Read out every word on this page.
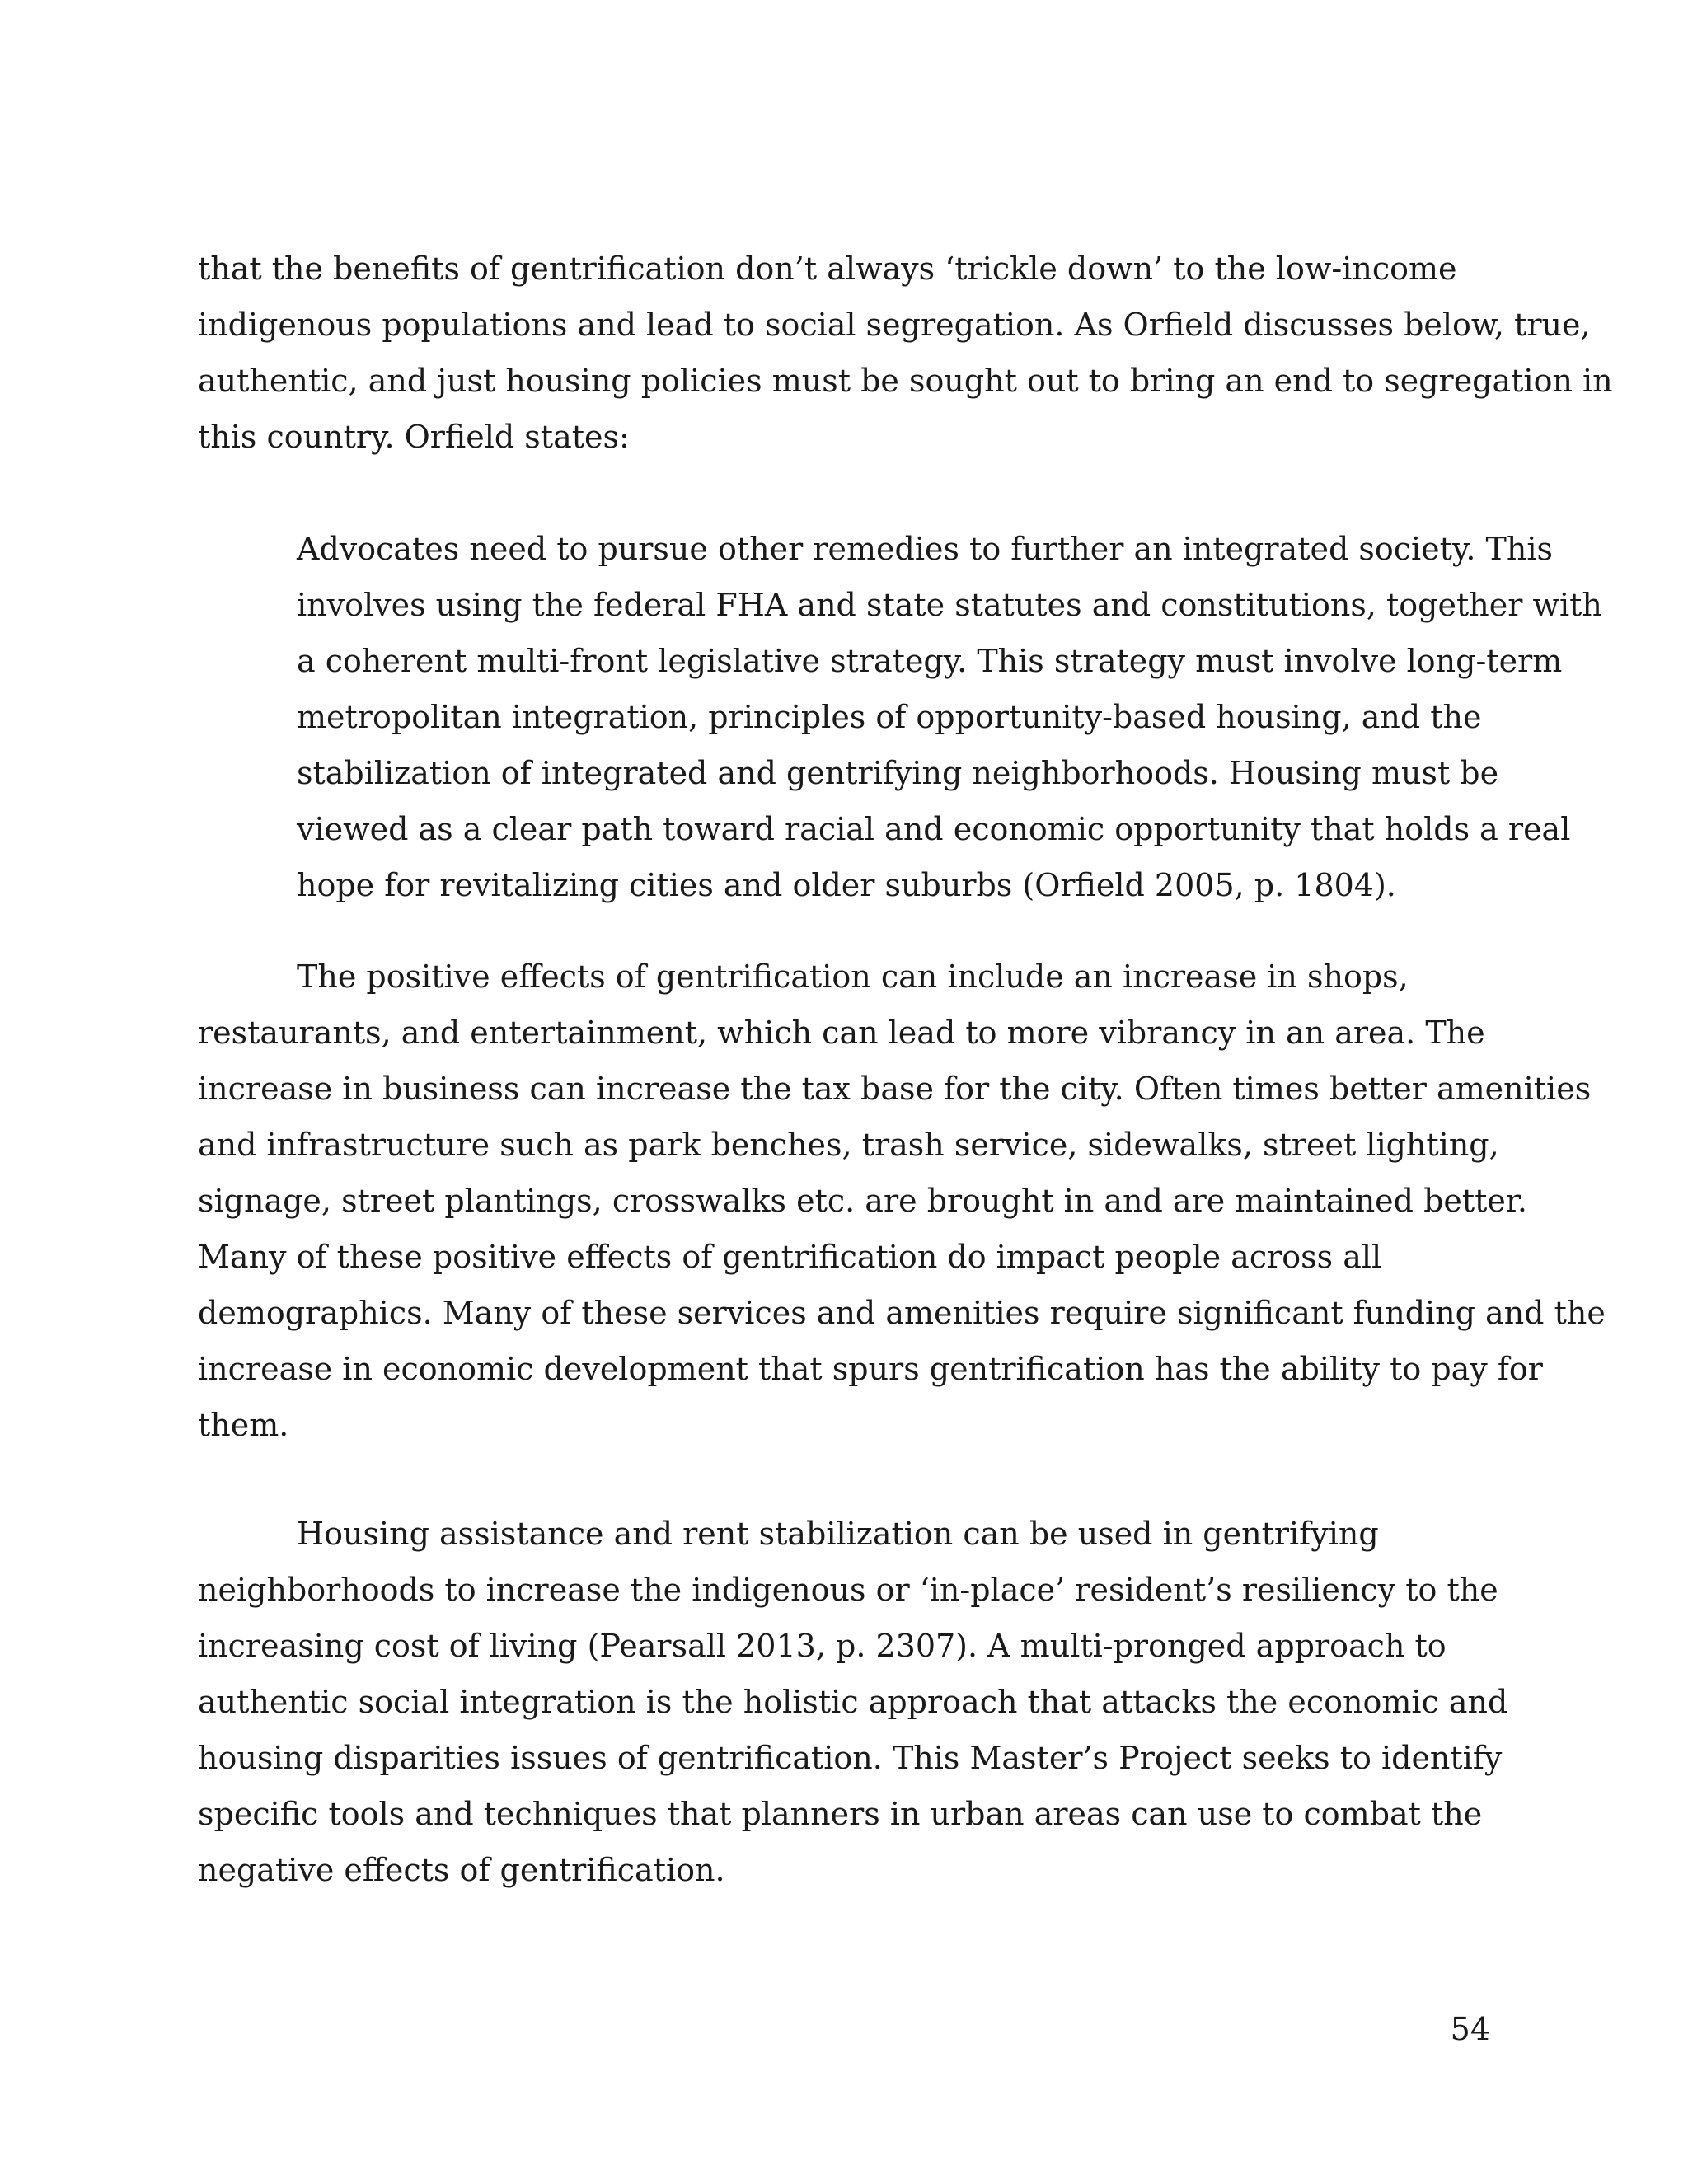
that the benefits of gentrification don’t always ‘trickle down’ to the low-income
indigenous populations and lead to social segregation. As Orfield discusses below, true,
authentic, and just housing policies must be sought out to bring an end to segregation in
this country. Orfield states:
Advocates need to pursue other remedies to further an integrated society. This
involves using the federal FHA and state statutes and constitutions, together with
a coherent multi-front legislative strategy. This strategy must involve long-term
metropolitan integration, principles of opportunity-based housing, and the
stabilization of integrated and gentrifying neighborhoods. Housing must be
viewed as a clear path toward racial and economic opportunity that holds a real
hope for revitalizing cities and older suburbs (Orfield 2005, p. 1804).
The positive effects of gentrification can include an increase in shops,
restaurants, and entertainment, which can lead to more vibrancy in an area. The
increase in business can increase the tax base for the city. Often times better amenities
and infrastructure such as park benches, trash service, sidewalks, street lighting,
signage, street plantings, crosswalks etc. are brought in and are maintained better.
Many of these positive effects of gentrification do impact people across all
demographics. Many of these services and amenities require significant funding and the
increase in economic development that spurs gentrification has the ability to pay for
them.
Housing assistance and rent stabilization can be used in gentrifying
neighborhoods to increase the indigenous or ‘in-place’ resident’s resiliency to the
increasing cost of living (Pearsall 2013, p. 2307). A multi-pronged approach to
authentic social integration is the holistic approach that attacks the economic and
housing disparities issues of gentrification. This Master’s Project seeks to identify
specific tools and techniques that planners in urban areas can use to combat the
negative effects of gentrification.
54
